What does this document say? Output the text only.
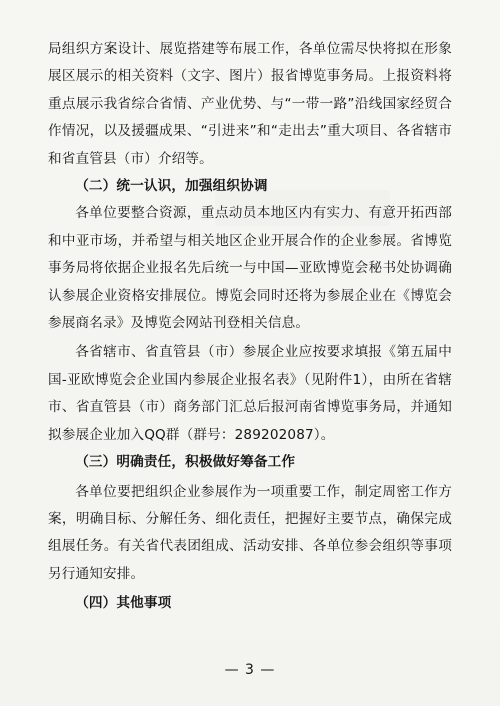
局组织方案设计、展览搭建等布展工作，各单位需尽快将拟在形象展区展示的相关资料（文字、图片）报省博览事务局。上报资料将重点展示我省综合省情、产业优势、与“一带一路”沿线国家经贸合作情况，以及援疆成果、“引进来”和“走出去”重大项目、各省辖市和省直管县（市）介绍等。
（二）统一认识，加强组织协调
各单位要整合资源，重点动员本地区内有实力、有意开拓西部和中亚市场，并希望与相关地区企业开展合作的企业参展。省博览事务局将依据企业报名先后统一与中国—亚欧博览会秘书处协调确认参展企业资格安排展位。博览会同时还将为参展企业在《博览会参展商名录》及博览会网站刊登相关信息。
各省辖市、省直管县（市）参展企业应按要求填报《第五届中国-亚欧博览会企业国内参展企业报名表》（见附件1），由所在省辖市、省直管县（市）商务部门汇总后报河南省博览事务局，并通知拟参展企业加入QQ群（群号：289202087）。
（三）明确责任，积极做好筹备工作
各单位要把组织企业参展作为一项重要工作，制定周密工作方案，明确目标、分解任务、细化责任，把握好主要节点，确保完成组展任务。有关省代表团组成、活动安排、各单位参会组织等事项另行通知安排。
（四）其他事项
— 3 —
